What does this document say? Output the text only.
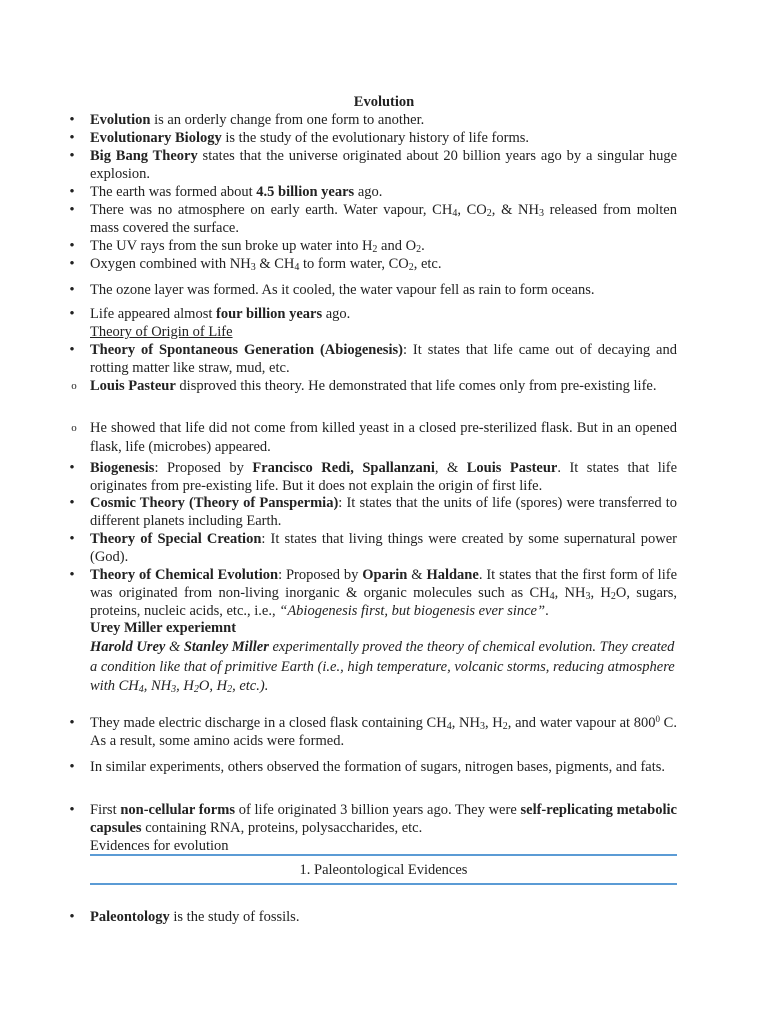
Evolution
• Evolution is an orderly change from one form to another.
• Evolutionary Biology is the study of the evolutionary history of life forms.
• Big Bang Theory states that the universe originated about 20 billion years ago by a singular huge explosion.
• The earth was formed about 4.5 billion years ago.
• There was no atmosphere on early earth. Water vapour, $CH_4$, $CO_2$, & $NH_3$ released from molten mass covered the surface.
• The UV rays from the sun broke up water into $H_2$ and $O_2$.
• Oxygen combined with $NH_3$ & $CH_4$ to form water, $CO_2$, etc.
• The ozone layer was formed. As it cooled, the water vapour fell as rain to form oceans.
• Life appeared almost four billion years ago.
Theory of Origin of Life
• Theory of Spontaneous Generation (Abiogenesis): It states that life came out of decaying and rotting matter like straw, mud, etc.
o Louis Pasteur disproved this theory. He demonstrated that life comes only from pre-existing life.
o He showed that life did not come from killed yeast in a closed pre-sterilized flask. But in an opened flask, life (microbes) appeared.
• Biogenesis: Proposed by Francisco Redi, Spallanzani, & Louis Pasteur. It states that life originates from pre-existing life. But it does not explain the origin of first life.
• Cosmic Theory (Theory of Panspermia): It states that the units of life (spores) were transferred to different planets including Earth.
• Theory of Special Creation: It states that living things were created by some supernatural power (God).
• Theory of Chemical Evolution: Proposed by Oparin & Haldane. It states that the first form of life was originated from non-living inorganic & organic molecules such as $CH_4$, $NH_3$, $H_2O$, sugars, proteins, nucleic acids, etc., i.e., “Abiogenesis first, but biogenesis ever since”.
Urey Miller experiemnt
Harold Urey & Stanley Miller experimentally proved the theory of chemical evolution. They created a condition like that of primitive Earth (i.e., high temperature, volcanic storms, reducing atmosphere with $CH_4$, $NH_3$, $H_2O$, $H_2$, etc.).
• They made electric discharge in a closed flask containing $CH_4$, $NH_3$, $H_2$, and water vapour at $800^0$ C. As a result, some amino acids were formed.
• In similar experiments, others observed the formation of sugars, nitrogen bases, pigments, and fats.
• First non-cellular forms of life originated 3 billion years ago. They were self-replicating metabolic capsules containing RNA, proteins, polysaccharides, etc.
Evidences for evolution
1. Paleontological Evidences
• Paleontology is the study of fossils.
